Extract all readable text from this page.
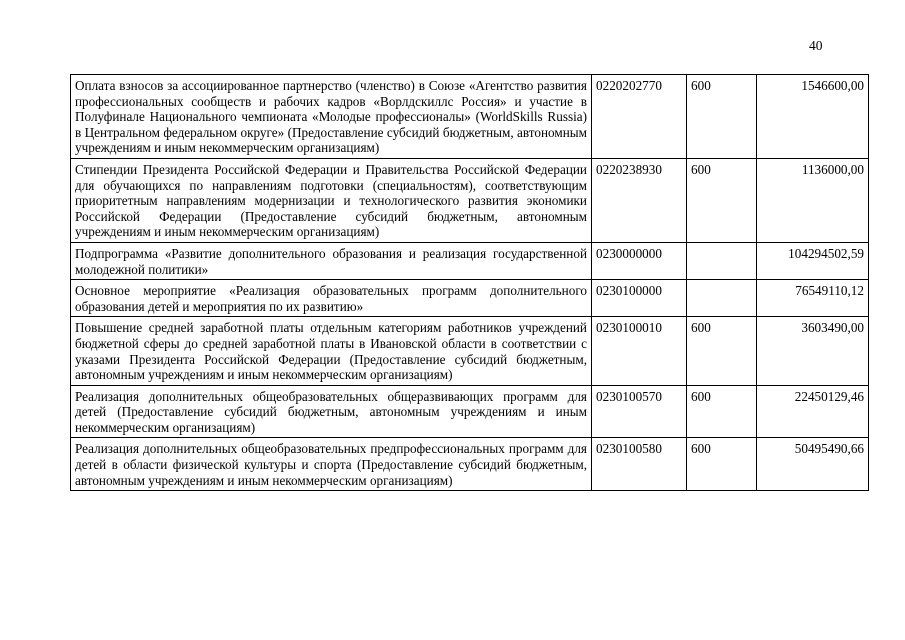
40
Оплата взносов за ассоциированное партнерство (членство) в Союзе «Агентство развития профессиональных сообществ и рабочих кадров «Ворлдскиллс Россия» и участие в Полуфинале Национального чемпионата «Молодые профессионалы» (WorldSkills Russia) в Центральном федеральном округе» (Предоставление субсидий бюджетным, автономным учреждениям и иным некоммерческим организациям)	0220202770	600	1546600,00
Стипендии Президента Российской Федерации и Правительства Российской Федерации для обучающихся по направлениям подготовки (специальностям), соответствующим приоритетным направлениям модернизации и технологического развития экономики Российской Федерации (Предоставление субсидий бюджетным, автономным учреждениям и иным некоммерческим организациям)	0220238930	600	1136000,00
Подпрограмма «Развитие дополнительного образования и реализация государственной молодежной политики»	0230000000		104294502,59
Основное мероприятие «Реализация образовательных программ дополнительного образования детей и мероприятия по их развитию»	0230100000		76549110,12
Повышение средней заработной платы отдельным категориям работников учреждений бюджетной сферы до средней заработной платы в Ивановской области в соответствии с указами Президента Российской Федерации (Предоставление субсидий бюджетным, автономным учреждениям и иным некоммерческим организациям)	0230100010	600	3603490,00
Реализация дополнительных общеобразовательных общеразвивающих программ для детей (Предоставление субсидий бюджетным, автономным учреждениям и иным некоммерческим организациям)	0230100570	600	22450129,46
Реализация дополнительных общеобразовательных предпрофессиональных программ для детей в области физической культуры и спорта (Предоставление субсидий бюджетным, автономным учреждениям и иным некоммерческим организациям)	0230100580	600	50495490,66
